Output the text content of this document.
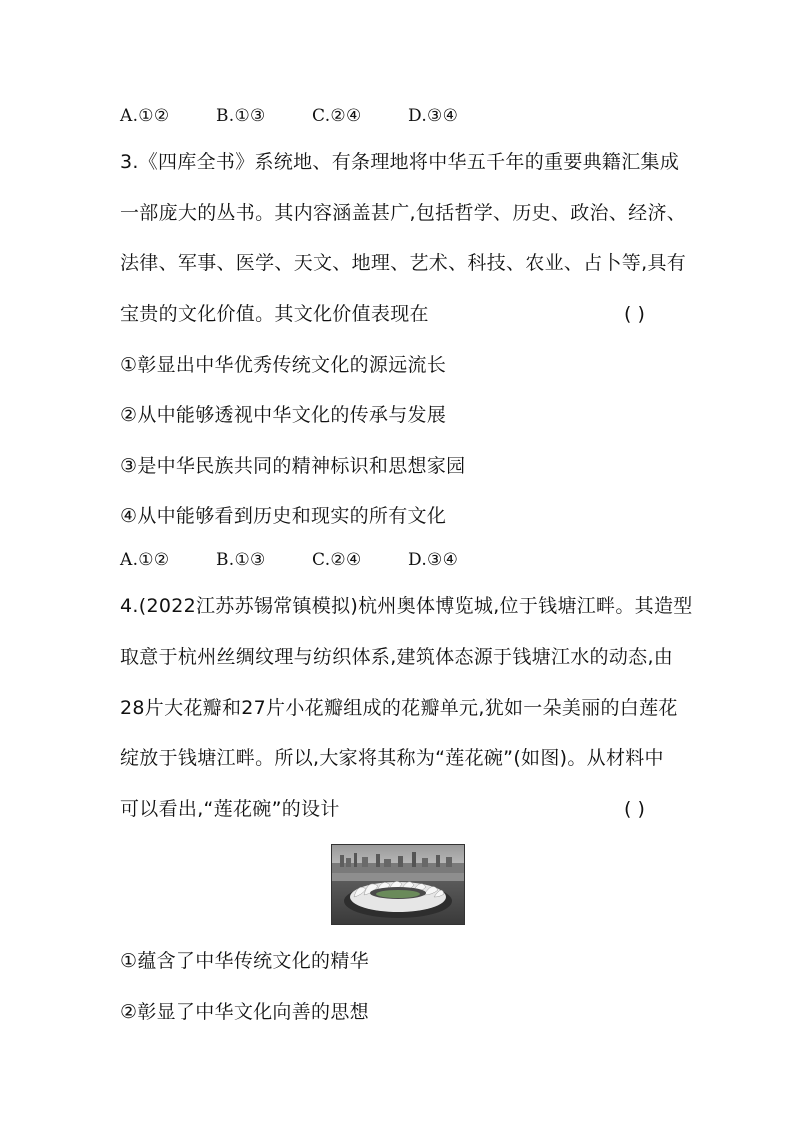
A.①②	B.①③	C.②④	D.③④
3.《四库全书》系统地、有条理地将中华五千年的重要典籍汇集成
一部庞大的丛书。其内容涵盖甚广,包括哲学、历史、政治、经济、
法律、军事、医学、天文、地理、艺术、科技、农业、占卜等,具有
宝贵的文化价值。其文化价值表现在	( )
①彰显出中华优秀传统文化的源远流长
②从中能够透视中华文化的传承与发展
③是中华民族共同的精神标识和思想家园
④从中能够看到历史和现实的所有文化
A.①②	B.①③	C.②④	D.③④
4.(2022江苏苏锡常镇模拟)杭州奥体博览城,位于钱塘江畔。其造型
取意于杭州丝绸纹理与纺织体系,建筑体态源于钱塘江水的动态,由
28片大花瓣和27片小花瓣组成的花瓣单元,犹如一朵美丽的白莲花
绽放于钱塘江畔。所以,大家将其称为“莲花碗”(如图)。从材料中
可以看出,“莲花碗”的设计	( )
①蕴含了中华传统文化的精华
②彰显了中华文化向善的思想
